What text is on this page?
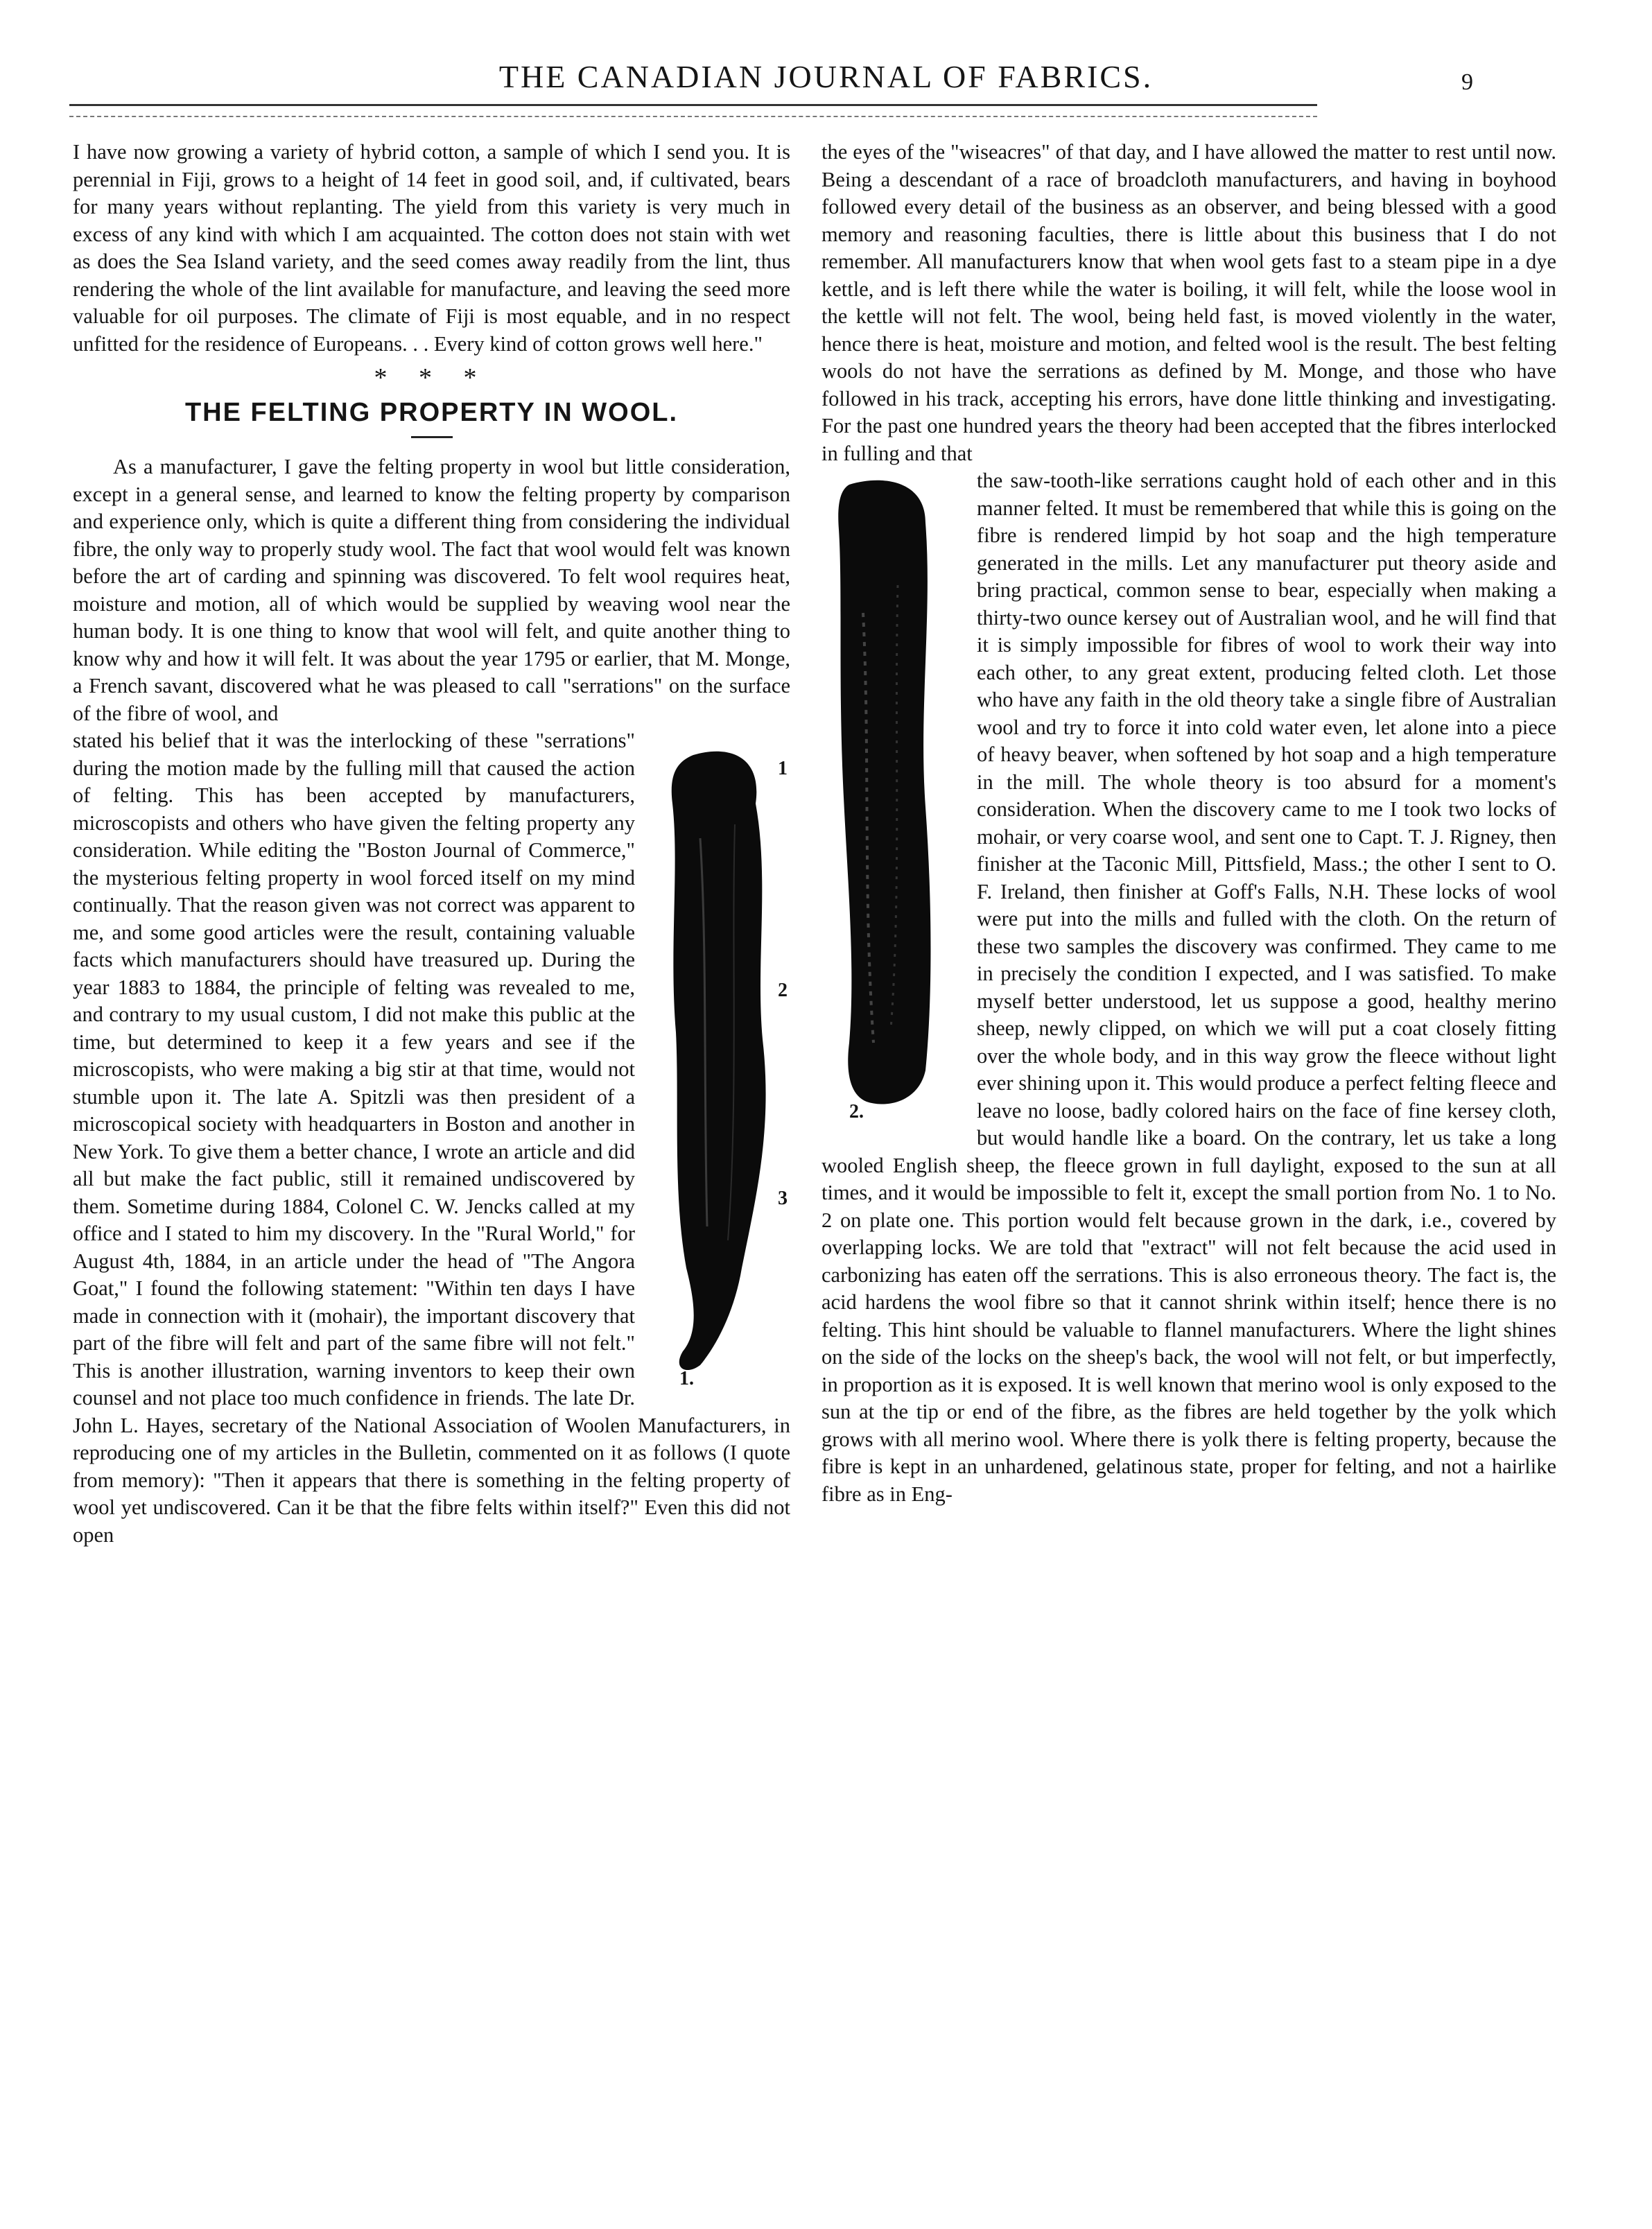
THE CANADIAN JOURNAL OF FABRICS.	9

I have now growing a variety of hybrid cotton, a sample of which I send you. It is perennial in Fiji, grows to a height of 14 feet in good soil, and, if cultivated, bears for many years without replanting. The yield from this variety is very much in excess of any kind with which I am acquainted. The cotton does not stain with wet as does the Sea Island variety, and the seed comes away readily from the lint, thus rendering the whole of the lint available for manufacture, and leaving the seed more valuable for oil purposes. The climate of Fiji is most equable, and in no respect unfitted for the residence of Europeans. . . Every kind of cotton grows well here."

* * *
THE FELTING PROPERTY IN WOOL.

As a manufacturer, I gave the felting property in wool but little consideration, except in a general sense, and learned to know the felting property by comparison and experience only, which is quite a different thing from considering the individual fibre, the only way to properly study wool. The fact that wool would felt was known before the art of carding and spinning was discovered. To felt wool requires heat, moisture and motion, all of which would be supplied by weaving wool near the human body. It is one thing to know that wool will felt, and quite another thing to know why and how it will felt. It was about the year 1795 or earlier, that M. Monge, a French savant, discovered what he was pleased to call "serrations" on the surface of the fibre of wool, and

1
2
3
1.

stated his belief that it was the interlocking of these "serrations" during the motion made by the fulling mill that caused the action of felting. This has been accepted by manufacturers, microscopists and others who have given the felting property any consideration. While editing the "Boston Journal of Commerce," the mysterious felting property in wool forced itself on my mind continually. That the reason given was not correct was apparent to me, and some good articles were the result, containing valuable facts which manufacturers should have treasured up. During the year 1883 to 1884, the principle of felting was revealed to me, and contrary to my usual custom, I did not make this public at the time, but determined to keep it a few years and see if the microscopists, who were making a big stir at that time, would not stumble upon it. The late A. Spitzli was then president of a microscopical society with headquarters in Boston and another in New York. To give them a better chance, I wrote an article and did all but make the fact public, still it remained undiscovered by them. Sometime during 1884, Colonel C. W. Jencks called at my office and I stated to him my discovery. In the "Rural World," for August 4th, 1884, in an article under the head of "The Angora Goat," I found the following statement: "Within ten days I have made in connection with it (mohair), the important discovery that part of the fibre will felt and part of the same fibre will not felt." This is another illustration, warning inventors to keep their own counsel and not place too much confidence in friends. The late Dr. John L. Hayes, secretary of the National Association of Woolen Manufacturers, in reproducing one of my articles in the Bulletin, commented on it as follows (I quote from memory): "Then it appears that there is something in the felting property of wool yet undiscovered. Can it be that the fibre felts within itself?" Even this did not open

the eyes of the "wiseacres" of that day, and I have allowed the matter to rest until now. Being a descendant of a race of broadcloth manufacturers, and having in boyhood followed every detail of the business as an observer, and being blessed with a good memory and reasoning faculties, there is little about this business that I do not remember. All manufacturers know that when wool gets fast to a steam pipe in a dye kettle, and is left there while the water is boiling, it will felt, while the loose wool in the kettle will not felt. The wool, being held fast, is moved violently in the water, hence there is heat, moisture and motion, and felted wool is the result. The best felting wools do not have the serrations as defined by M. Monge, and those who have followed in his track, accepting his errors, have done little thinking and investigating. For the past one hundred years the theory had been accepted that the fibres interlocked in fulling and that

2.

the saw-tooth-like serrations caught hold of each other and in this manner felted. It must be remembered that while this is going on the fibre is rendered limpid by hot soap and the high temperature generated in the mills. Let any manufacturer put theory aside and bring practical, common sense to bear, especially when making a thirty-two ounce kersey out of Australian wool, and he will find that it is simply impossible for fibres of wool to work their way into each other, to any great extent, producing felted cloth. Let those who have any faith in the old theory take a single fibre of Australian wool and try to force it into cold water even, let alone into a piece of heavy beaver, when softened by hot soap and a high temperature in the mill. The whole theory is too absurd for a moment's consideration. When the discovery came to me I took two locks of mohair, or very coarse wool, and sent one to Capt. T. J. Rigney, then finisher at the Taconic Mill, Pittsfield, Mass.; the other I sent to O. F. Ireland, then finisher at Goff's Falls, N.H. These locks of wool were put into the mills and fulled with the cloth. On the return of these two samples the discovery was confirmed. They came to me in precisely the condition I expected, and I was satisfied. To make myself better understood, let us suppose a good, healthy merino sheep, newly clipped, on which we will put a coat closely fitting over the whole body, and in this way grow the fleece without light ever shining upon it. This would produce a perfect felting fleece and leave no loose, badly colored hairs on the face of fine kersey cloth, but would handle like a board. On the contrary, let us take a long wooled English sheep, the fleece grown in full daylight, exposed to the sun at all times, and it would be impossible to felt it, except the small portion from No. 1 to No. 2 on plate one. This portion would felt because grown in the dark, i.e., covered by overlapping locks. We are told that "extract" will not felt because the acid used in carbonizing has eaten off the serrations. This is also erroneous theory. The fact is, the acid hardens the wool fibre so that it cannot shrink within itself; hence there is no felting. This hint should be valuable to flannel manufacturers. Where the light shines on the side of the locks on the sheep's back, the wool will not felt, or but imperfectly, in proportion as it is exposed. It is well known that merino wool is only exposed to the sun at the tip or end of the fibre, as the fibres are held together by the yolk which grows with all merino wool. Where there is yolk there is felting property, because the fibre is kept in an unhardened, gelatinous state, proper for felting, and not a hairlike fibre as in Eng-
